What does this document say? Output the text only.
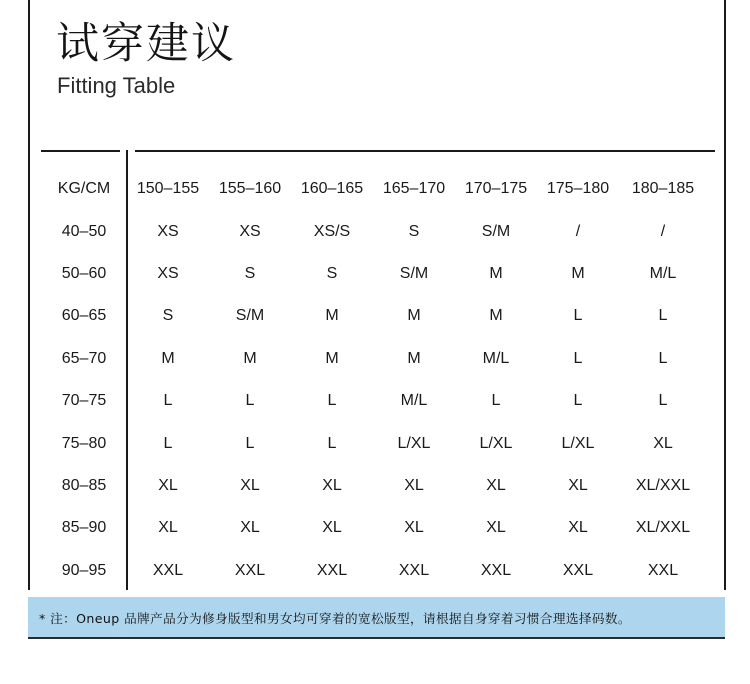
试穿建议
Fitting Table
KG/CM	150–155	155–160	160–165	165–170	170–175	175–180	180–185
40–50	XS	XS	XS/S	S	S/M	/	/
50–60	XS	S	S	S/M	M	M	M/L
60–65	S	S/M	M	M	M	L	L
65–70	M	M	M	M	M/L	L	L
70–75	L	L	L	M/L	L	L	L
75–80	L	L	L	L/XL	L/XL	L/XL	XL
80–85	XL	XL	XL	XL	XL	XL	XL/XXL
85–90	XL	XL	XL	XL	XL	XL	XL/XXL
90–95	XXL	XXL	XXL	XXL	XXL	XXL	XXL
* 注：Oneup 品牌产品分为修身版型和男女均可穿着的宽松版型，请根据自身穿着习惯合理选择码数。
